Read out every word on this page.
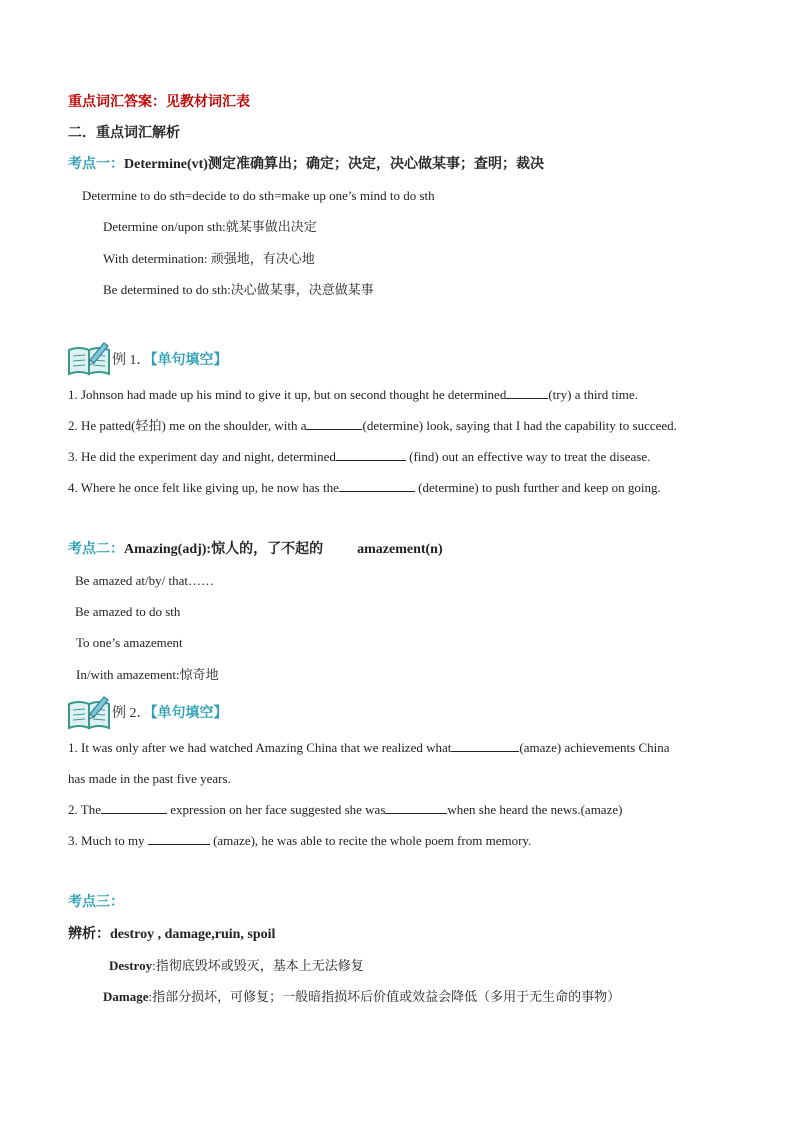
重点词汇答案：见教材词汇表
二．重点词汇解析
考点一：Determine(vt)测定准确算出；确定；决定，决心做某事；查明；裁决
Determine to do sth=decide to do sth=make up one’s mind to do sth
Determine on/upon sth:就某事做出决定
With determination: 顽强地，有决心地
Be determined to do sth:决心做某事，决意做某事
例 1．【单句填空】
1. Johnson had made up his mind to give it up, but on second thought he determined	(try) a third time.
2. He patted(轻拍) me on the shoulder, with a	(determine) look, saying that I had the capability to succeed.
3. He did the experiment day and night, determined	(find) out an effective way to treat the disease.
4. Where he once felt like giving up, he now has the	(determine) to push further and keep on going.
考点二：Amazing(adj):惊人的，了不起的 amazement(n)
Be amazed at/by/ that……
Be amazed to do sth
To one’s amazement
In/with amazement:惊奇地
例 2．【单句填空】
1. It was only after we had watched Amazing China that we realized what	(amaze) achievements China
has made in the past five years.
2. The	expression on her face suggested she was	when she heard the news.(amaze)
3. Much to my	(amaze), he was able to recite the whole poem from memory.
考点三：
辨析：destroy , damage,ruin, spoil
Destroy:指彻底毁坏或毁灭，基本上无法修复
Damage:指部分损坏，可修复；一般暗指损坏后价值或效益会降低（多用于无生命的事物）
